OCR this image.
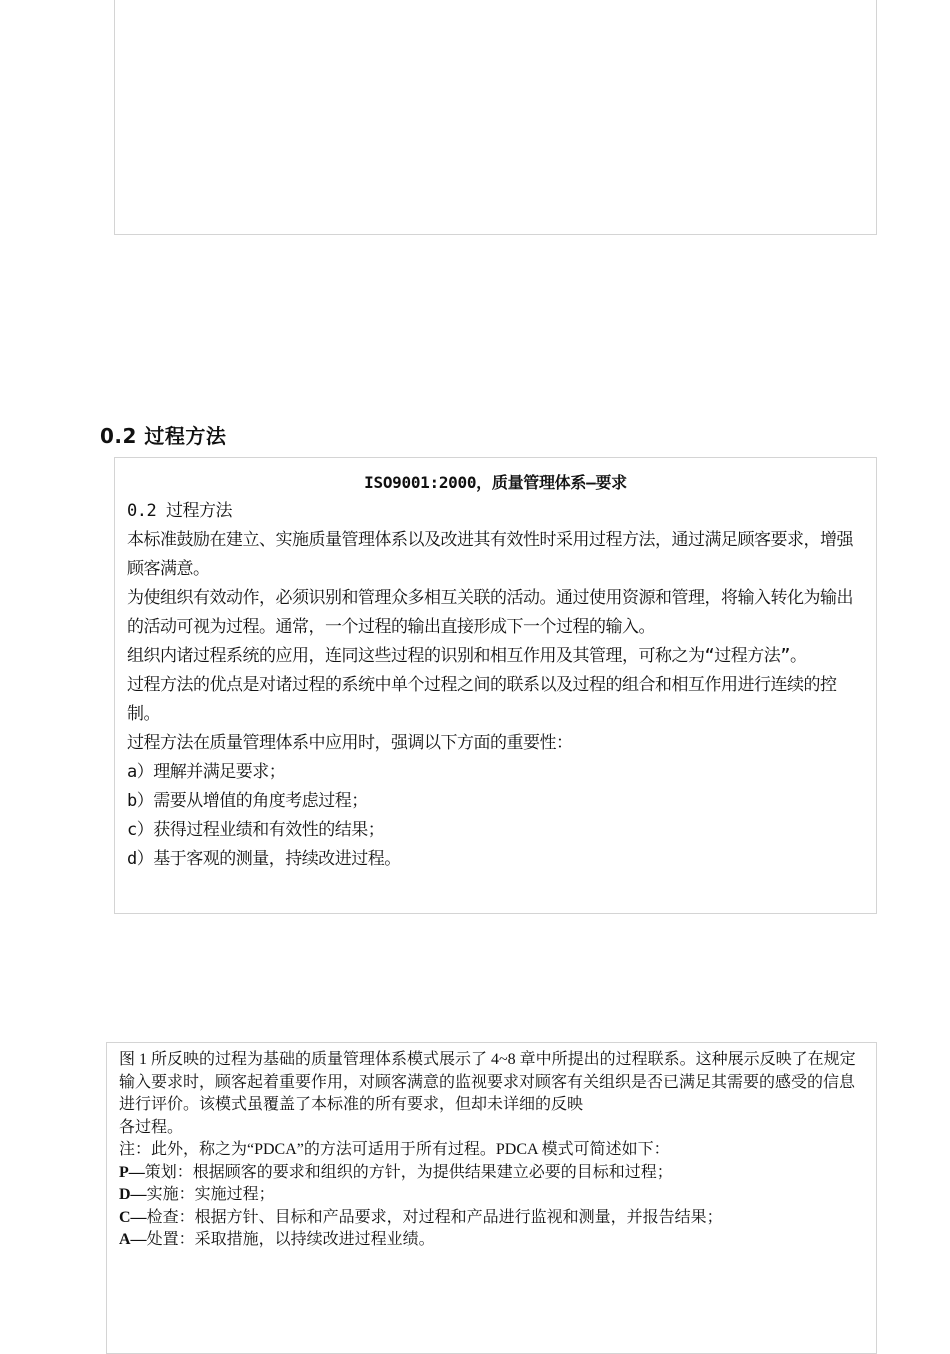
0.2 过程方法
ISO9001:2000，质量管理体系—要求

0.2 过程方法

本标准鼓励在建立、实施质量管理体系以及改进其有效性时采用过程方法，通过满足顾客要求，增强顾客满意。

为使组织有效动作，必须识别和管理众多相互关联的活动。通过使用资源和管理，将输入转化为输出的活动可视为过程。通常，一个过程的输出直接形成下一个过程的输入。

组织内诸过程系统的应用，连同这些过程的识别和相互作用及其管理，可称之为“过程方法”。

过程方法的优点是对诸过程的系统中单个过程之间的联系以及过程的组合和相互作用进行连续的控制。

过程方法在质量管理体系中应用时，强调以下方面的重要性：

a）理解并满足要求；

b）需要从增值的角度考虑过程；

c）获得过程业绩和有效性的结果；

d）基于客观的测量，持续改进过程。

图 1 所反映的过程为基础的质量管理体系模式展示了 4~8 章中所提出的过程联系。这种展示反映了在规定输入要求时，顾客起着重要作用，对顾客满意的监视要求对顾客有关组织是否已满足其需要的感受的信息进行评价。该模式虽覆盖了本标准的所有要求，但却未详细的反映

各过程。

注：此外，称之为“PDCA”的方法可适用于所有过程。PDCA 模式可简述如下：

P—策划：根据顾客的要求和组织的方针，为提供结果建立必要的目标和过程；

D—实施：实施过程；

C—检查：根据方针、目标和产品要求，对过程和产品进行监视和测量，并报告结果；

A—处置：采取措施，以持续改进过程业绩。
